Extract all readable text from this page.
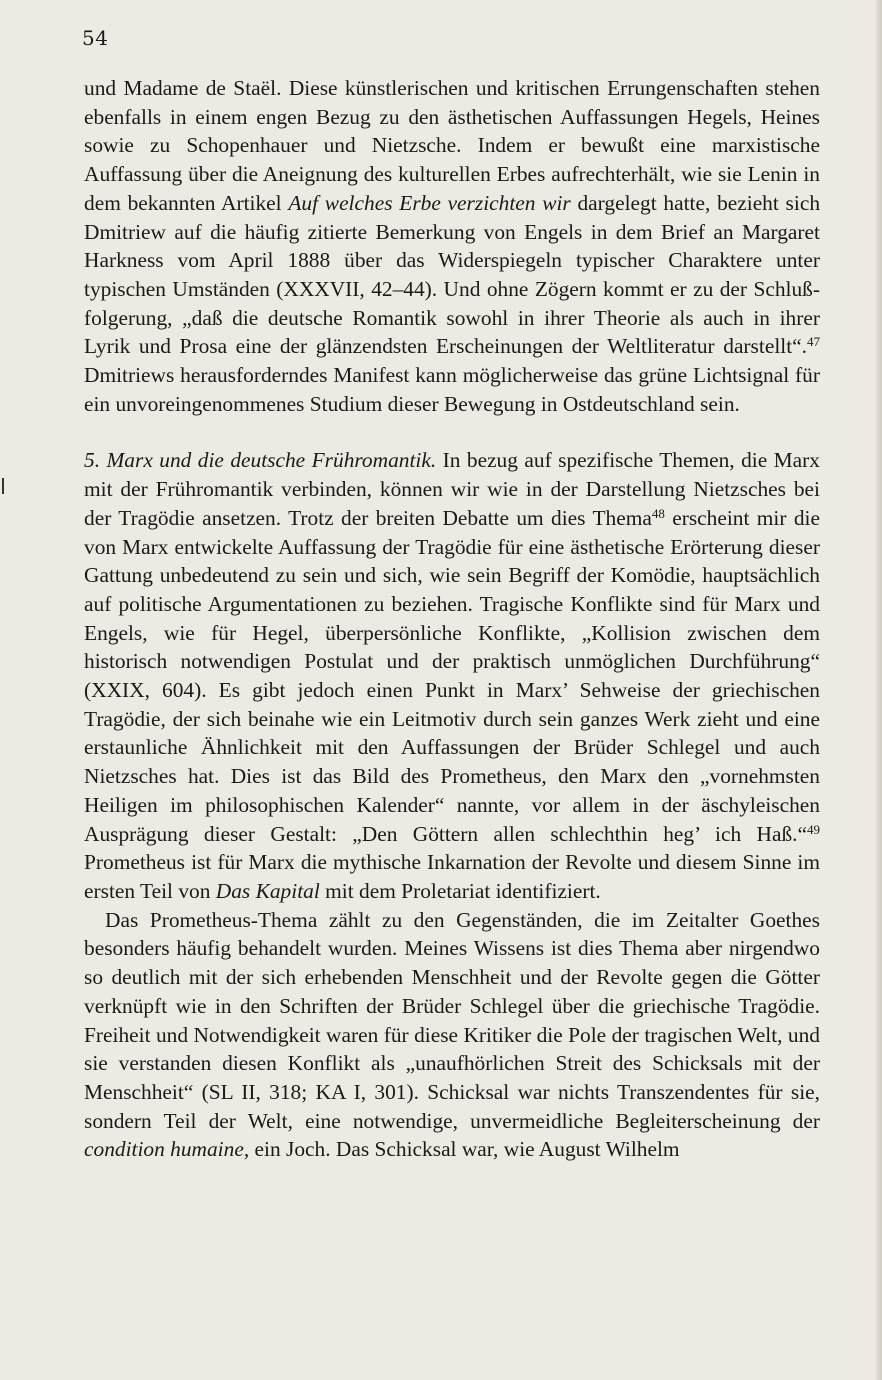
54

und Madame de Staël. Diese künstlerischen und kritischen Errungenschaften stehen ebenfalls in einem engen Bezug zu den ästhetischen Auffassungen Hegels, Heines sowie zu Schopenhauer und Nietzsche. Indem er bewußt eine marxistische Auffassung über die Aneignung des kulturellen Erbes aufrechterhält, wie sie Lenin in dem bekannten Artikel Auf welches Erbe verzichten wir dargelegt hatte, bezieht sich Dmitriew auf die häufig zitierte Bemerkung von Engels in dem Brief an Margaret Harkness vom April 1888 über das Widerspiegeln typischer Charaktere unter typischen Umständen (XXXVII, 42–44). Und ohne Zögern kommt er zu der Schlußfolgerung, „daß die deutsche Romantik sowohl in ihrer Theorie als auch in ihrer Lyrik und Prosa eine der glänzendsten Erscheinungen der Weltliteratur darstellt“.$^{47}$ Dmitriews herausforderndes Manifest kann möglicherweise das grüne Lichtsignal für ein unvoreingenommenes Studium dieser Bewegung in Ostdeutschland sein.

5. Marx und die deutsche Frühromantik. In bezug auf spezifische Themen, die Marx mit der Frühromantik verbinden, können wir wie in der Darstellung Nietzsches bei der Tragödie ansetzen. Trotz der breiten Debatte um dies Thema$^{48}$ erscheint mir die von Marx entwickelte Auffassung der Tragödie für eine ästhetische Erörterung dieser Gattung unbedeutend zu sein und sich, wie sein Begriff der Komödie, hauptsächlich auf politische Argumentationen zu beziehen. Tragische Konflikte sind für Marx und Engels, wie für Hegel, überpersönliche Konflikte, „Kollision zwischen dem historisch notwendigen Postulat und der praktisch unmöglichen Durchführung“ (XXIX, 604). Es gibt jedoch einen Punkt in Marx’ Sehweise der griechischen Tragödie, der sich beinahe wie ein Leitmotiv durch sein ganzes Werk zieht und eine erstaunliche Ähnlichkeit mit den Auffassungen der Brüder Schlegel und auch Nietzsches hat. Dies ist das Bild des Prometheus, den Marx den „vornehmsten Heiligen im philosophischen Kalender“ nannte, vor allem in der äschyleischen Ausprägung dieser Gestalt: „Den Göttern allen schlechthin heg’ ich Haß.“$^{49}$ Prometheus ist für Marx die mythische Inkarnation der Revolte und diesem Sinne im ersten Teil von Das Kapital mit dem Proletariat identifiziert.

Das Prometheus-Thema zählt zu den Gegenständen, die im Zeitalter Goethes besonders häufig behandelt wurden. Meines Wissens ist dies Thema aber nirgendwo so deutlich mit der sich erhebenden Menschheit und der Revolte gegen die Götter verknüpft wie in den Schriften der Brüder Schlegel über die griechische Tragödie. Freiheit und Notwendigkeit waren für diese Kritiker die Pole der tragischen Welt, und sie verstanden diesen Konflikt als „unaufhörlichen Streit des Schicksals mit der Menschheit“ (SL II, 318; KA I, 301). Schicksal war nichts Transzendentes für sie, sondern Teil der Welt, eine notwendige, unvermeidliche Begleiterscheinung der condition humaine, ein Joch. Das Schicksal war, wie August Wilhelm
